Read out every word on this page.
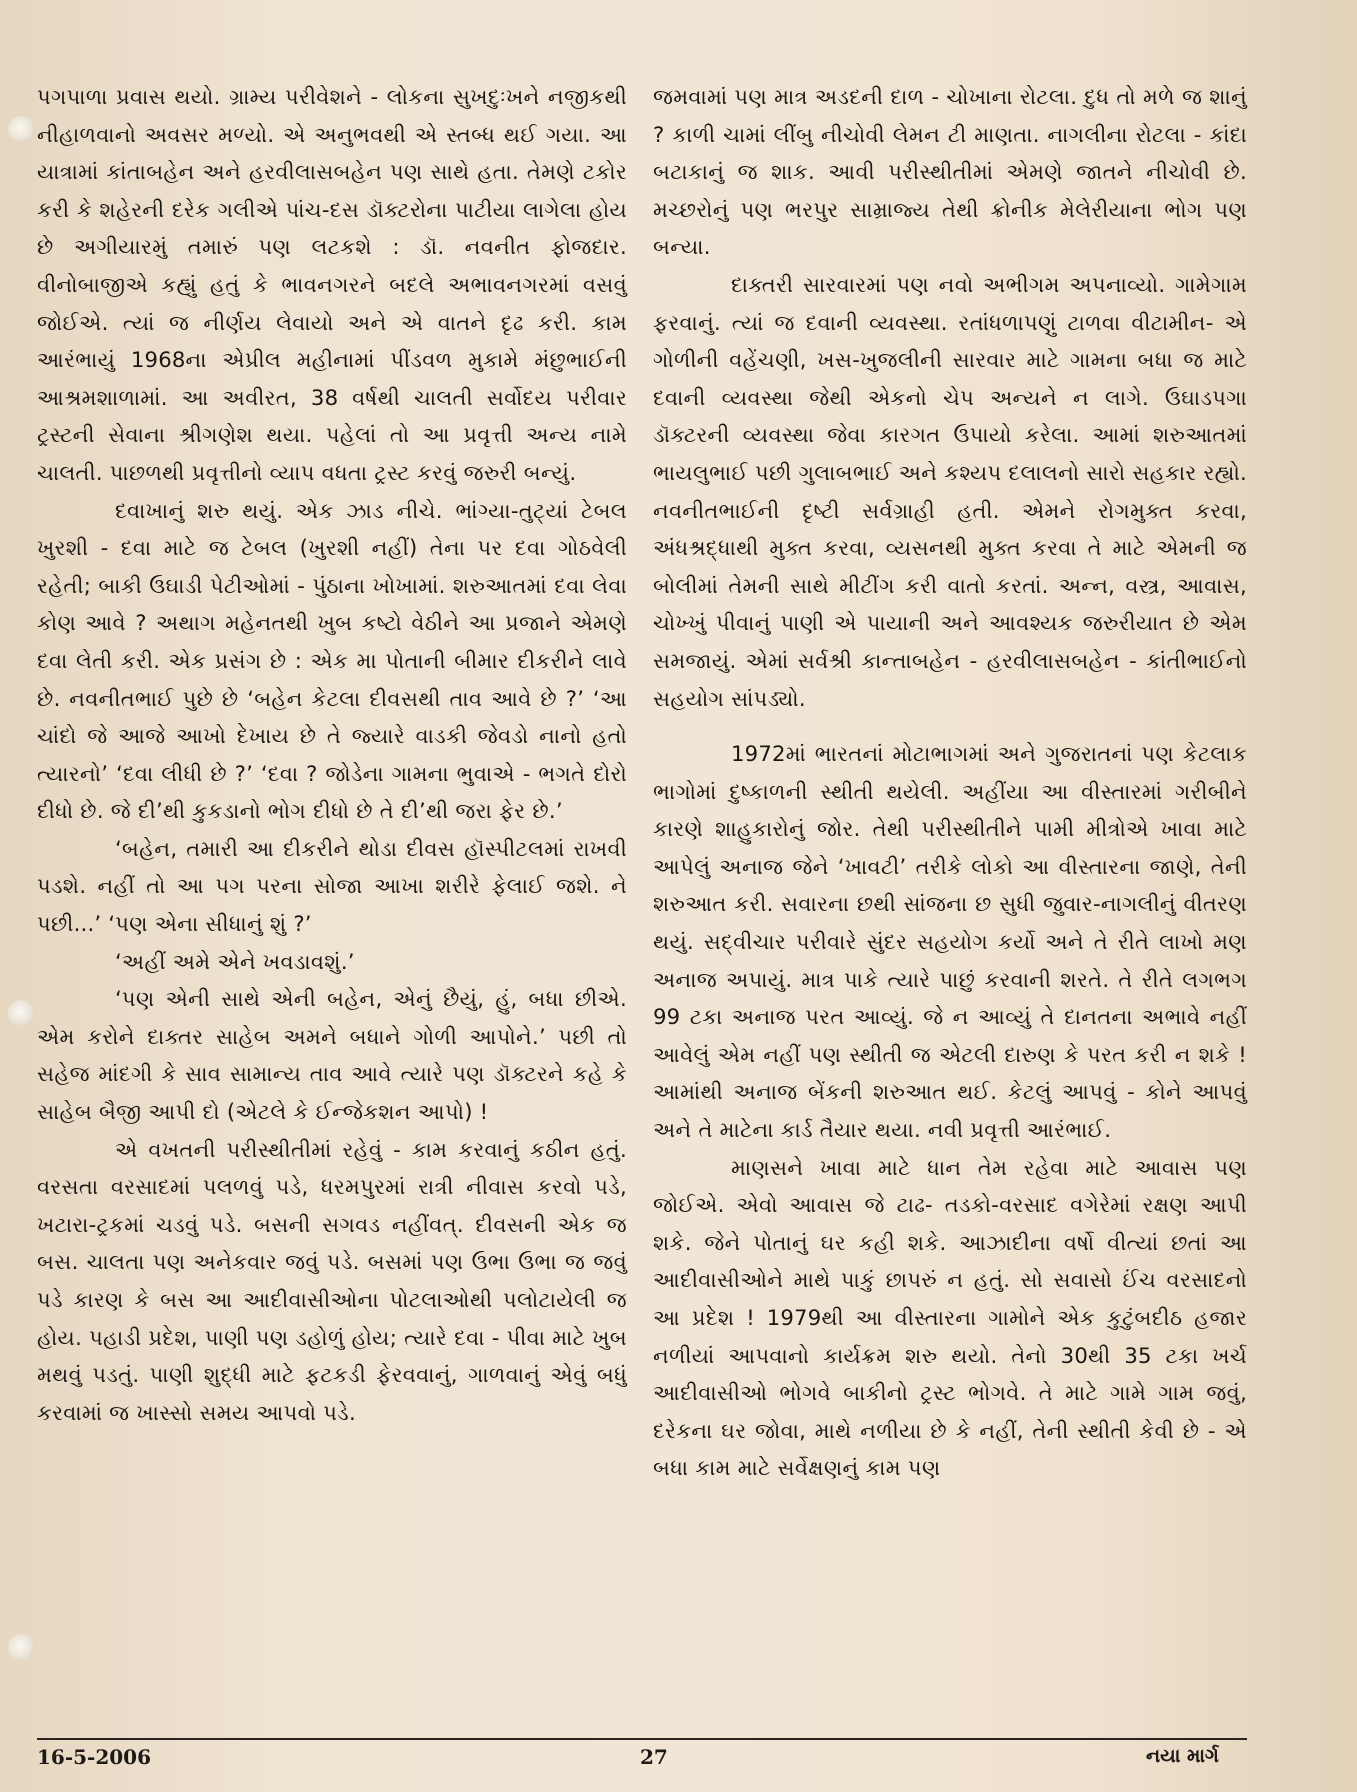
પગપાળા પ્રવાસ થયો. ગ્રામ્ય પરીવેશને - લોકના સુખદુઃખને નજીકથી નીહાળવાનો અવસર મળ્યો. એ અનુભવથી એ સ્તબ્ધ થઈ ગયા. આ યાત્રામાં કાંતાબહેન અને હરવીલાસબહેન પણ સાથે હતા. તેમણે ટકોર કરી કે શહેરની દરેક ગલીએ પાંચ-દસ ડૉક્ટરોના પાટીયા લાગેલા હોય છે અગીયારમું તમારું પણ લટકશે : ડૉ. નવનીત ફોજદાર. વીનોબાજીએ કહ્યું હતું કે ભાવનગરને બદલે અભાવનગરમાં વસવું જોઈએ. ત્યાં જ નીર્ણય લેવાયો અને એ વાતને દૃઢ કરી. કામ આરંભાયું 1968ના એપ્રીલ મહીનામાં પીંડવળ મુકામે મંછુભાઈની આશ્રમશાળામાં. આ અવીરત, 38 વર્ષથી ચાલતી સર્વોદય પરીવાર ટ્રસ્ટની સેવાના શ્રીગણેશ થયા. પહેલાં તો આ પ્રવૃત્તી અન્ય નામે ચાલતી. પાછળથી પ્રવૃત્તીનો વ્યાપ વધતા ટ્રસ્ટ કરવું જરુરી બન્યું.

દવાખાનું શરુ થયું. એક ઝાડ નીચે. ભાંગ્યા-તુટ્યાં ટેબલ ખુરશી - દવા માટે જ ટેબલ (ખુરશી નહીં) તેના પર દવા ગોઠવેલી રહેતી; બાકી ઉઘાડી પેટીઓમાં - પુંઠાના ખોખામાં. શરુઆતમાં દવા લેવા કોણ આવે ? અથાગ મહેનતથી ખુબ કષ્ટો વેઠીને આ પ્રજાને એમણે દવા લેતી કરી. એક પ્રસંગ છે : એક મા પોતાની બીમાર દીકરીને લાવે છે. નવનીતભાઈ પુછે છે ‘બહેન કેટલા દીવસથી તાવ આવે છે ?’ ‘આ ચાંદો જે આજે આખો દેખાય છે તે જ્યારે વાડકી જેવડો નાનો હતો ત્યારનો’ ‘દવા લીધી છે ?’ ‘દવા ? જોડેના ગામના ભુવાએ - ભગતે દોરો દીધો છે. જે દી’થી કુકડાનો ભોગ દીધો છે તે દી’થી જરા ફેર છે.’

‘બહેન, તમારી આ દીકરીને થોડા દીવસ હૉસ્પીટલમાં રાખવી પડશે. નહીં તો આ પગ પરના સોજા આખા શરીરે ફેલાઈ જશે. ને પછી...’ ‘પણ એના સીધાનું શું ?’

‘અહીં અમે એને ખવડાવશું.’

‘પણ એની સાથે એની બહેન, એનું છૈયું, હું, બધા છીએ. એમ કરોને દાક્તર સાહેબ અમને બધાને ગોળી આપોને.’ પછી તો સહેજ માંદગી કે સાવ સામાન્ય તાવ આવે ત્યારે પણ ડૉક્ટરને કહે કે સાહેબ બૈજી આપી દો (એટલે કે ઈન્જેકશન આપો) !

એ વખતની પરીસ્થીતીમાં રહેવું - કામ કરવાનું કઠીન હતું. વરસતા વરસાદમાં પલળવું પડે, ધરમપુરમાં રાત્રી નીવાસ કરવો પડે, ખટારા-ટ્રકમાં ચડવું પડે. બસની સગવડ નહીંવત્. દીવસની એક જ બસ. ચાલતા પણ અનેકવાર જવું પડે. બસમાં પણ ઉભા ઉભા જ જવું પડે કારણ કે બસ આ આદીવાસીઓના પોટલાઓથી પલોટાયેલી જ હોય. પહાડી પ્રદેશ, પાણી પણ ડહોળું હોય; ત્યારે દવા - પીવા માટે ખુબ મથવું પડતું. પાણી શુદ્ધી માટે ફટકડી ફેરવવાનું, ગાળવાનું એવું બધું કરવામાં જ ખાસ્સો સમય આપવો પડે.

જમવામાં પણ માત્ર અડદની દાળ - ચોખાના રોટલા. દુધ તો મળે જ શાનું ? કાળી ચામાં લીંબુ નીચોવી લેમન ટી માણતા. નાગલીના રોટલા - કાંદા બટાકાનું જ શાક. આવી પરીસ્થીતીમાં એમણે જાતને નીચોવી છે. મચ્છરોનું પણ ભરપુર સામ્રાજ્ય તેથી ક્રોનીક મેલેરીયાના ભોગ પણ બન્યા.

દાક્તરી સારવારમાં પણ નવો અભીગમ અપનાવ્યો. ગામેગામ ફરવાનું. ત્યાં જ દવાની વ્યવસ્થા. રતાંધળાપણું ટાળવા વીટામીન- એ ગોળીની વહેંચણી, ખસ-ખુજલીની સારવાર માટે ગામના બધા જ માટે દવાની વ્યવસ્થા જેથી એકનો ચેપ અન્યને ન લાગે. ઉઘાડપગા ડૉક્ટરની વ્યવસ્થા જેવા કારગત ઉપાયો કરેલા. આમાં શરુઆતમાં ભાયલુભાઈ પછી ગુલાબભાઈ અને કશ્યપ દલાલનો સારો સહકાર રહ્યો. નવનીતભાઈની દૃષ્ટી સર્વગ્રાહી હતી. એમને રોગમુક્ત કરવા, અંધશ્રદ્ધાથી મુક્ત કરવા, વ્યસનથી મુક્ત કરવા તે માટે એમની જ બોલીમાં તેમની સાથે મીટીંગ કરી વાતો કરતાં. અન્ન, વસ્ત્ર, આવાસ, ચોખ્ખું પીવાનું પાણી એ પાયાની અને આવશ્યક જરુરીયાત છે એમ સમજાયું. એમાં સર્વશ્રી કાન્તાબહેન - હરવીલાસબહેન - કાંતીભાઈનો સહયોગ સાંપડ્યો.

1972માં ભારતનાં મોટાભાગમાં અને ગુજરાતનાં પણ કેટલાક ભાગોમાં દુષ્કાળની સ્થીતી થયેલી. અહીંયા આ વીસ્તારમાં ગરીબીને કારણે શાહુકારોનું જોર. તેથી પરીસ્થીતીને પામી મીત્રોએ ખાવા માટે આપેલું અનાજ જેને ‘ખાવટી’ તરીકે લોકો આ વીસ્તારના જાણે, તેની શરુઆત કરી. સવારના છથી સાંજના છ સુધી જુવાર-નાગલીનું વીતરણ થયું. સદ્‌વીચાર પરીવારે સુંદર સહયોગ કર્યો અને તે રીતે લાખો મણ અનાજ અપાયું. માત્ર પાકે ત્યારે પાછું કરવાની શરતે. તે રીતે લગભગ 99 ટકા અનાજ પરત આવ્યું. જે ન આવ્યું તે દાનતના અભાવે નહીં આવેલું એમ નહીં પણ સ્થીતી જ એટલી દારુણ કે પરત કરી ન શકે ! આમાંથી અનાજ બેંકની શરુઆત થઈ. કેટલું આપવું - કોને આપવું અને તે માટેના કાર્ડ તૈયાર થયા. નવી પ્રવૃત્તી આરંભાઈ.

માણસને ખાવા માટે ધાન તેમ રહેવા માટે આવાસ પણ જોઈએ. એવો આવાસ જે ટાઢ- તડકો-વરસાદ વગેરેમાં રક્ષણ આપી શકે. જેને પોતાનું ઘર કહી શકે. આઝાદીના વર્ષો વીત્યાં છતાં આ આદીવાસીઓને માથે પાકું છાપરું ન હતું. સો સવાસો ઈંચ વરસાદનો આ પ્રદેશ ! 1979થી આ વીસ્તારના ગામોને એક કુટુંબદીઠ હજાર નળીયાં આપવાનો કાર્યક્રમ શરુ થયો. તેનો 30થી 35 ટકા ખર્ચ આદીવાસીઓ ભોગવે બાકીનો ટ્રસ્ટ ભોગવે. તે માટે ગામે ગામ જવું, દરેકના ઘર જોવા, માથે નળીયા છે કે નહીં, તેની સ્થીતી કેવી છે - એ બધા કામ માટે સર્વેક્ષણનું કામ પણ

16-5-2006	27	નયા માર્ગ
